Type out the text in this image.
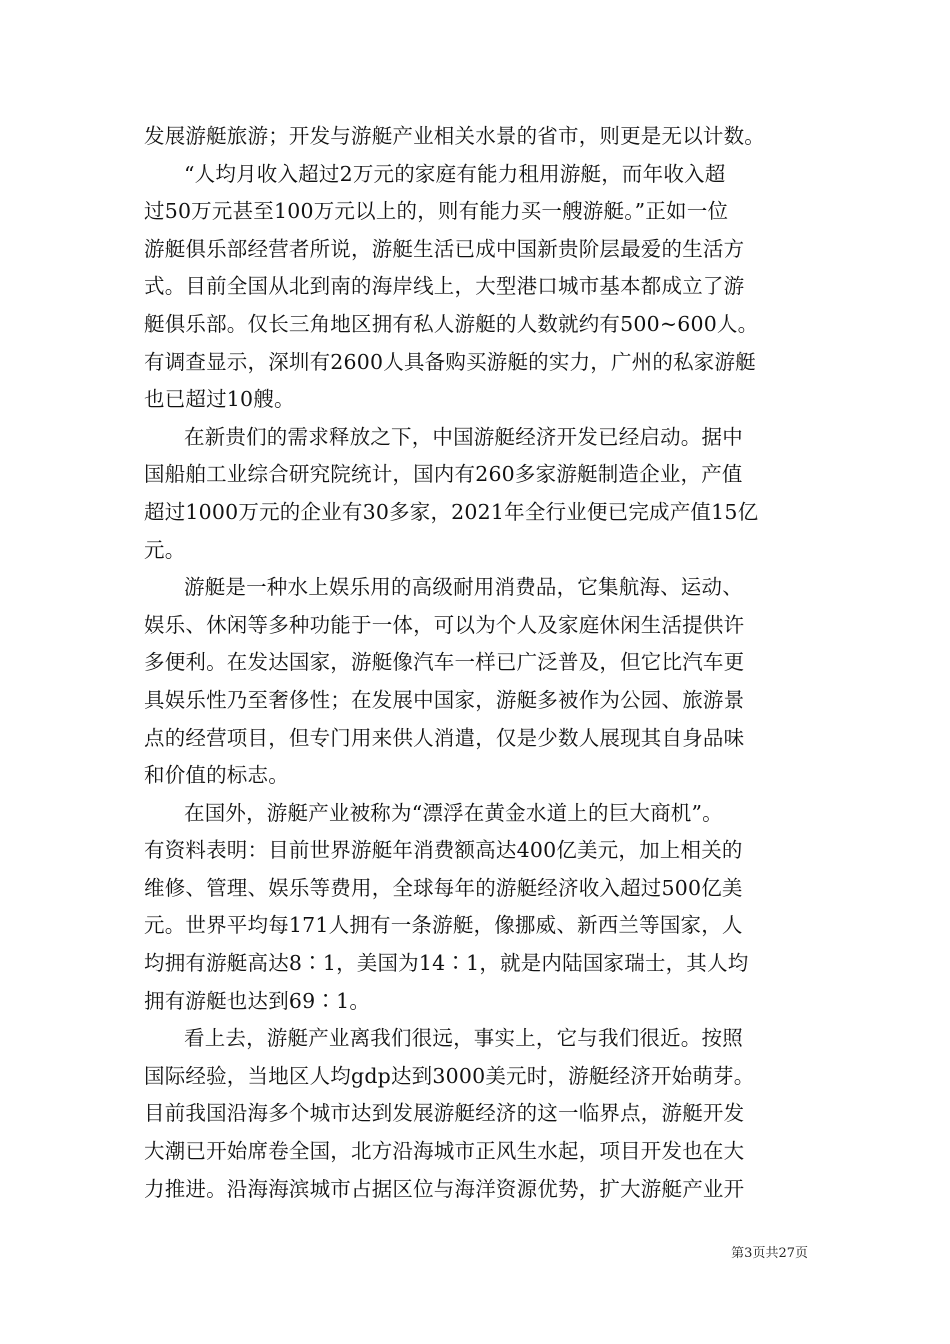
发展游艇旅游；开发与游艇产业相关水景的省市，则更是无以计数。
“人均月收入超过2万元的家庭有能力租用游艇，而年收入超
过50万元甚至100万元以上的，则有能力买一艘游艇。”正如一位
游艇俱乐部经营者所说，游艇生活已成中国新贵阶层最爱的生活方
式。目前全国从北到南的海岸线上，大型港口城市基本都成立了游
艇俱乐部。仅长三角地区拥有私人游艇的人数就约有500~600人。
有调查显示，深圳有2600人具备购买游艇的实力，广州的私家游艇
也已超过10艘。
在新贵们的需求释放之下，中国游艇经济开发已经启动。据中
国船舶工业综合研究院统计，国内有260多家游艇制造企业，产值
超过1000万元的企业有30多家，2021年全行业便已完成产值15亿
元。
游艇是一种水上娱乐用的高级耐用消费品，它集航海、运动、
娱乐、休闲等多种功能于一体，可以为个人及家庭休闲生活提供许
多便利。在发达国家，游艇像汽车一样已广泛普及，但它比汽车更
具娱乐性乃至奢侈性；在发展中国家，游艇多被作为公园、旅游景
点的经营项目，但专门用来供人消遣，仅是少数人展现其自身品味
和价值的标志。
在国外，游艇产业被称为“漂浮在黄金水道上的巨大商机”。
有资料表明：目前世界游艇年消费额高达400亿美元，加上相关的
维修、管理、娱乐等费用，全球每年的游艇经济收入超过500亿美
元。世界平均每171人拥有一条游艇，像挪威、新西兰等国家，人
均拥有游艇高达8∶1，美国为14∶1，就是内陆国家瑞士，其人均
拥有游艇也达到69∶1。
看上去，游艇产业离我们很远，事实上，它与我们很近。按照
国际经验，当地区人均gdp达到3000美元时，游艇经济开始萌芽。
目前我国沿海多个城市达到发展游艇经济的这一临界点，游艇开发
大潮已开始席卷全国，北方沿海城市正风生水起，项目开发也在大
力推进。沿海海滨城市占据区位与海洋资源优势，扩大游艇产业开
第3页共27页
